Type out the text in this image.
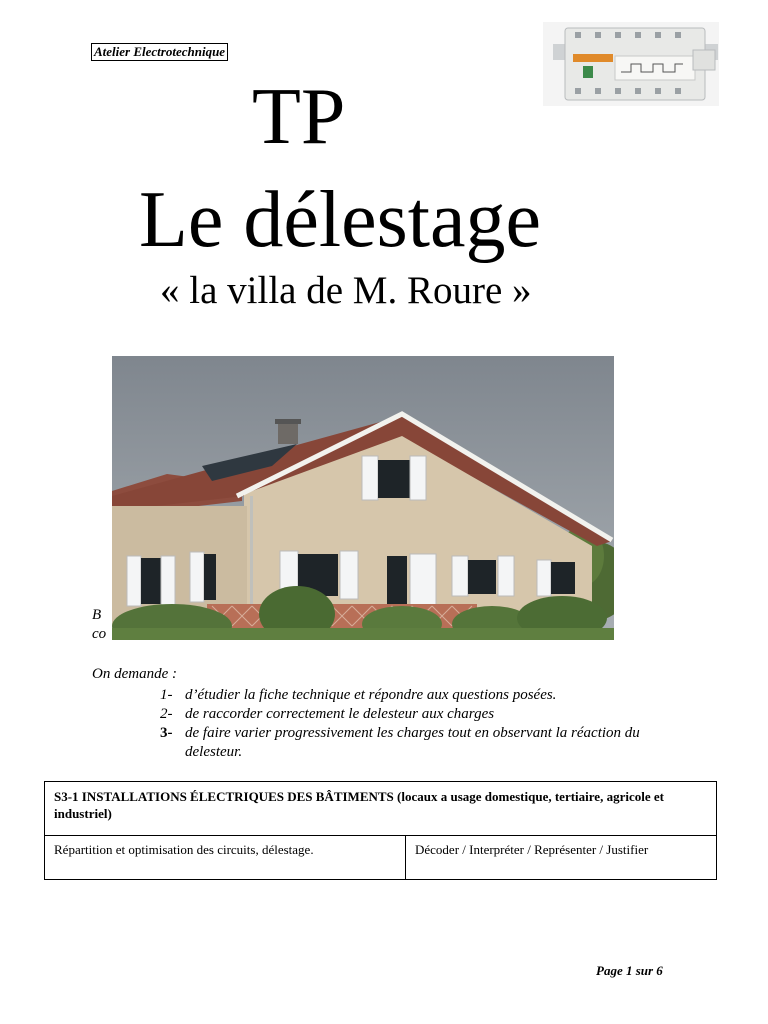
Atelier Electrotechnique
TP
Le délestage
« la villa de M. Roure »
B
co
On demande :
1- d’étudier la fiche technique et répondre aux questions posées.
2- de raccorder correctement le delesteur aux charges
3- de faire varier progressivement les charges tout en observant la réaction du delesteur.
S3-1 INSTALLATIONS ÉLECTRIQUES DES BÂTIMENTS (locaux a usage domestique, tertiaire, agricole et industriel)
Répartition et optimisation des circuits, délestage.	Décoder / Interpréter / Représenter / Justifier
Page 1 sur 6
